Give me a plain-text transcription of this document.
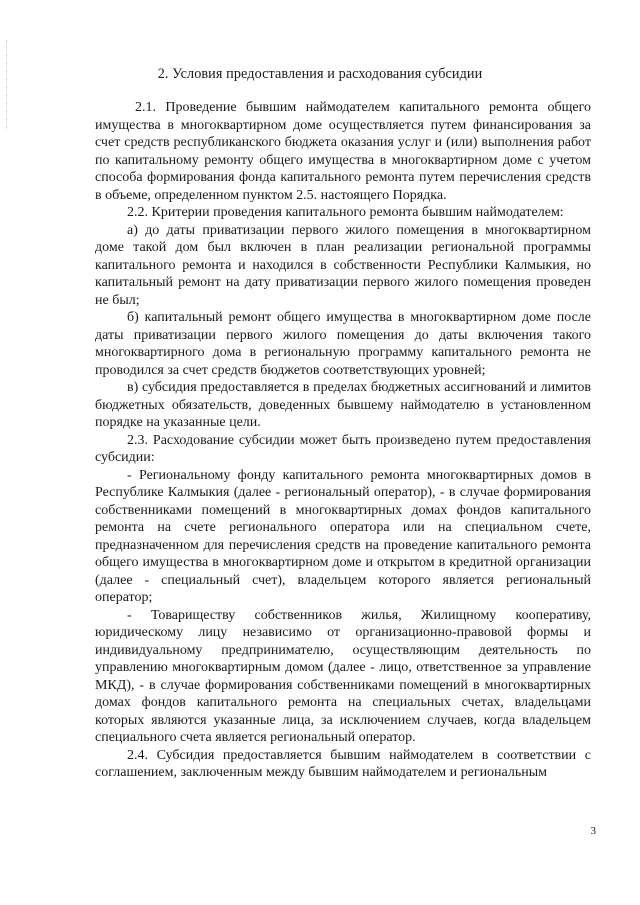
2. Условия предоставления и расходования субсидии

2.1. Проведение бывшим наймодателем капитального ремонта общего имущества в многоквартирном доме осуществляется путем финансирования за счет средств республиканского бюджета оказания услуг и (или) выполнения работ по капитальному ремонту общего имущества в многоквартирном доме с учетом способа формирования фонда капитального ремонта путем перечисления средств в объеме, определенном пунктом 2.5. настоящего Порядка.

2.2. Критерии проведения капитального ремонта бывшим наймодателем:

а) до даты приватизации первого жилого помещения в многоквартирном доме такой дом был включен в план реализации региональной программы капитального ремонта и находился в собственности Республики Калмыкия, но капитальный ремонт на дату приватизации первого жилого помещения проведен не был;

б) капитальный ремонт общего имущества в многоквартирном доме после даты приватизации первого жилого помещения до даты включения такого многоквартирного дома в региональную программу капитального ремонта не проводился за счет средств бюджетов соответствующих уровней;

в) субсидия предоставляется в пределах бюджетных ассигнований и лимитов бюджетных обязательств, доведенных бывшему наймодателю в установленном порядке на указанные цели.

2.3. Расходование субсидии может быть произведено путем предоставления субсидии:

- Региональному фонду капитального ремонта многоквартирных домов в Республике Калмыкия (далее - региональный оператор), - в случае формирования собственниками помещений в многоквартирных домах фондов капитального ремонта на счете регионального оператора или на специальном счете, предназначенном для перечисления средств на проведение капитального ремонта общего имущества в многоквартирном доме и открытом в кредитной организации (далее - специальный счет), владельцем которого является региональный оператор;

- Товариществу собственников жилья, Жилищному кооперативу, юридическому лицу независимо от организационно-правовой формы и индивидуальному предпринимателю, осуществляющим деятельность по управлению многоквартирным домом (далее - лицо, ответственное за управление МКД), - в случае формирования собственниками помещений в многоквартирных домах фондов капитального ремонта на специальных счетах, владельцами которых являются указанные лица, за исключением случаев, когда владельцем специального счета является региональный оператор.

2.4. Субсидия предоставляется бывшим наймодателем в соответствии с соглашением, заключенным между бывшим наймодателем и региональным

3
